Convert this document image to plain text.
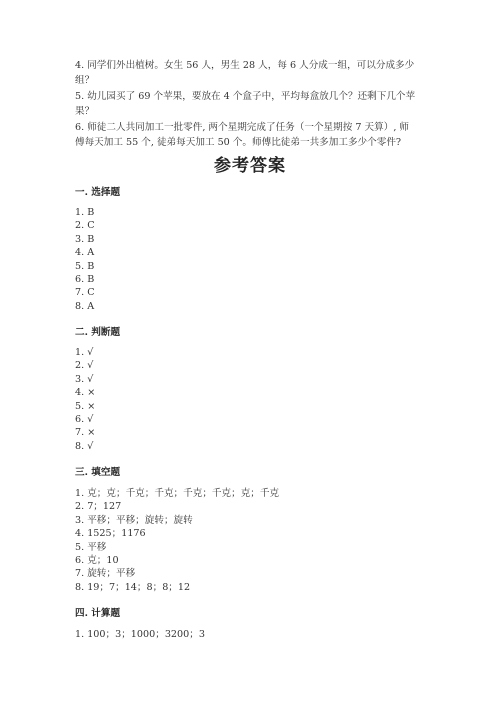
4. 同学们外出植树。女生 56 人，男生 28 人，每 6 人分成一组，可以分成多少
组？
5. 幼儿园买了 69 个苹果，要放在 4 个盒子中，平均每盒放几个？还剩下几个苹
果？
6. 师徒二人共同加工一批零件, 两个星期完成了任务（一个星期按 7 天算）, 师
傅每天加工 55 个, 徒弟每天加工 50 个。师傅比徒弟一共多加工多少个零件?
参考答案
一. 选择题
1. B
2. C
3. B
4. A
5. B
6. B
7. C
8. A
二. 判断题
1. √
2. √
3. √
4. ×
5. ×
6. √
7. ×
8. √
三. 填空题
1. 克；克；千克；千克；千克；千克；克；千克
2. 7；127
3. 平移；平移；旋转；旋转
4. 1525；1176
5. 平移
6. 克；10
7. 旋转；平移
8. 19；7；14；8；8；12
四. 计算题
1. 100；3；1000；3200；3
